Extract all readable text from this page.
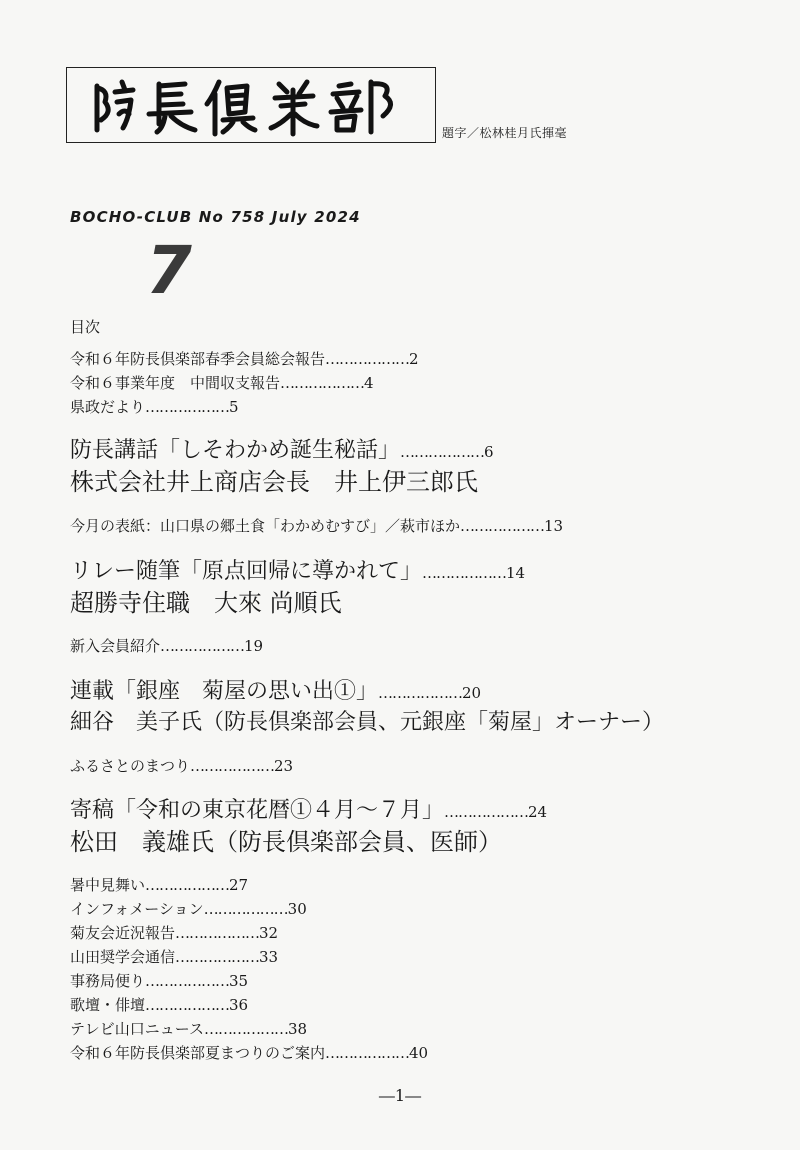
題字／松林桂月氏揮毫
BOCHO-CLUB No 758 July 2024
7
目次
令和６年防長倶楽部春季会員総会報告………………2
令和６事業年度　中間収支報告………………4
県政だより………………5
防長講話「しそわかめ誕生秘話」………………6
株式会社井上商店会長　井上伊三郎氏
今月の表紙：山口県の郷土食「わかめむすび」／萩市ほか………………13
リレー随筆「原点回帰に導かれて」………………14
超勝寺住職　大來 尚順氏
新入会員紹介………………19
連載「銀座　菊屋の思い出①」………………20
細谷　美子氏（防長倶楽部会員、元銀座「菊屋」オーナー）
ふるさとのまつり………………23
寄稿「令和の東京花暦①４月～７月」………………24
松田　義雄氏（防長倶楽部会員、医師）
暑中見舞い………………27
インフォメーション………………30
菊友会近況報告………………32
山田奨学会通信………………33
事務局便り………………35
歌壇・俳壇………………36
テレビ山口ニュース………………38
令和６年防長倶楽部夏まつりのご案内………………40
―1―
